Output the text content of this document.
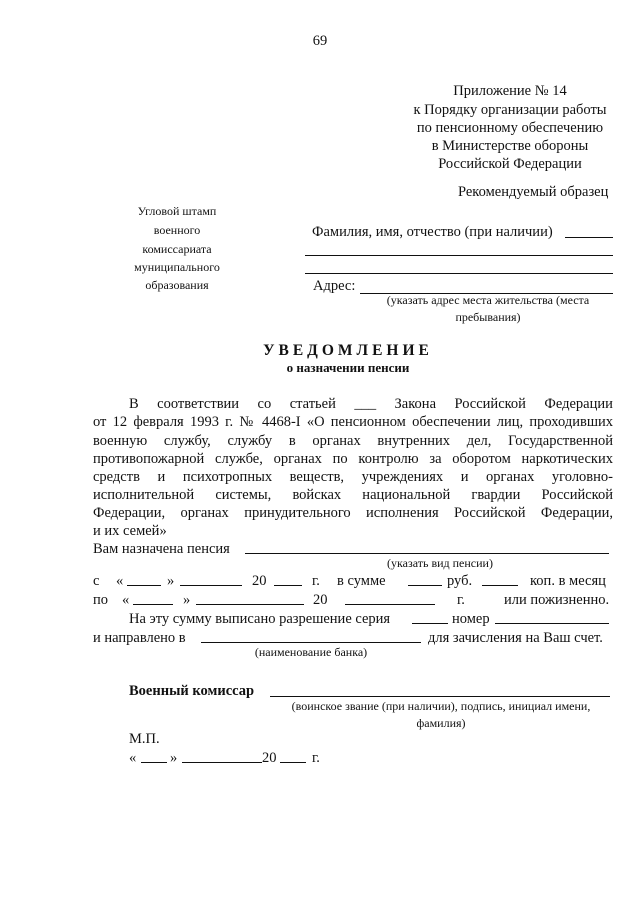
69
Приложение № 14
к Порядку организации работы
по пенсионному обеспечению
в Министерстве обороны
Российской Федерации
Рекомендуемый образец
Угловой штамп
военного
комиссариата
муниципального
образования
Фамилия, имя, отчество (при наличии)
Адрес:
(указать адрес места жительства (места
пребывания)
УВЕДОМЛЕНИЕ
о назначении пенсии
В соответствии со статьей ___ Закона Российской Федерации
от 12 февраля 1993 г. № 4468-I «О пенсионном обеспечении лиц, проходивших
военную службу, службу в органах внутренних дел, Государственной
противопожарной службе, органах по контролю за оборотом наркотических
средств и психотропных веществ, учреждениях и органах уголовно-
исполнительной системы, войсках национальной гвардии Российской
Федерации, органах принудительного исполнения Российской Федерации,
и их семей»
Вам назначена пенсия
(указать вид пенсии)
с «	»	20	г. в сумме	руб.	коп. в месяц
по «	»	20	г.	или пожизненно.
На эту сумму выписано разрешение серия	номер
и направлено в	для зачисления на Ваш счет.
(наименование банка)
Военный комиссар
(воинское звание (при наличии), подпись, инициал имени,
фамилия)
М.П.
« »	20 г.
